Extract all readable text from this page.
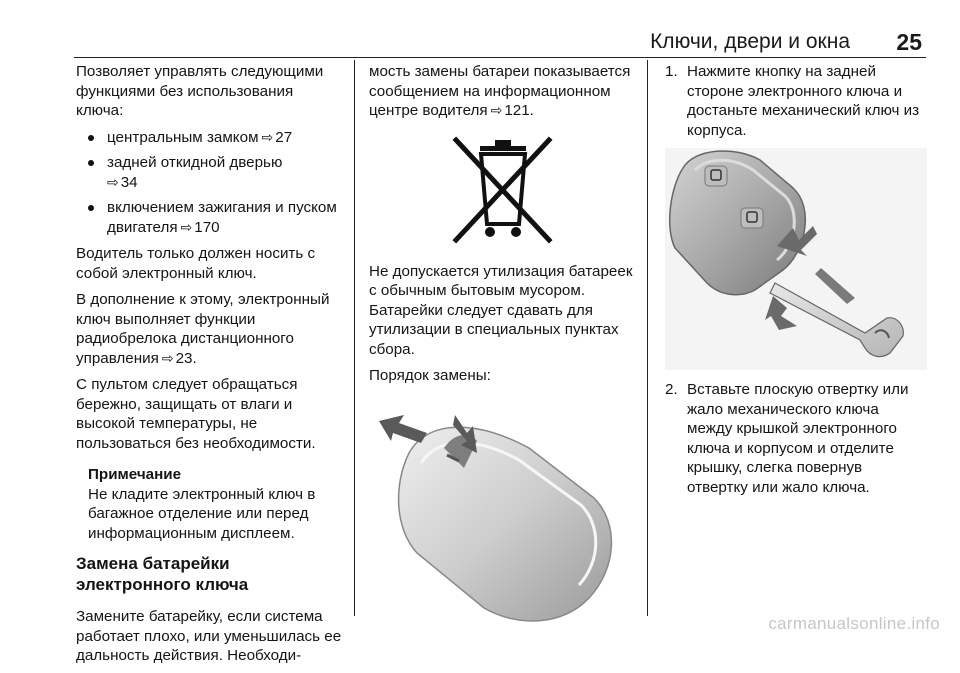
Ключи, двери и окна	25

Позволяет управлять следующими функциями без использования ключа:

центральным замком ⇨ 27
задней откидной дверью
⇨ 34
включением зажигания и пуском двигателя ⇨ 170

Водитель только должен носить с собой электронный ключ.

В дополнение к этому, электронный ключ выполняет функции радиобрелока дистанционного управления ⇨ 23.

С пультом следует обращаться бережно, защищать от влаги и высокой температуры, не пользоваться без необходимости.

Примечание
Не кладите электронный ключ в багажное отделение или перед информационным дисплеем.
Замена батарейки электронного ключа

Замените батарейку, если система работает плохо, или уменьшилась ее дальность действия. Необходи-

мость замены батареи показывается сообщением на информационном центре водителя ⇨ 121.

Не допускается утилизация батареек с обычным бытовым мусором. Батарейки следует сдавать для утилизации в специальных пунктах сбора.

Порядок замены:

1. Нажмите кнопку на задней стороне электронного ключа и достаньте механический ключ из корпуса.
2. Вставьте плоскую отвертку или жало механического ключа между крышкой электронного ключа и корпусом и отделите крышку, слегка повернув отвертку или жало ключа.
carmanualsonline.info
